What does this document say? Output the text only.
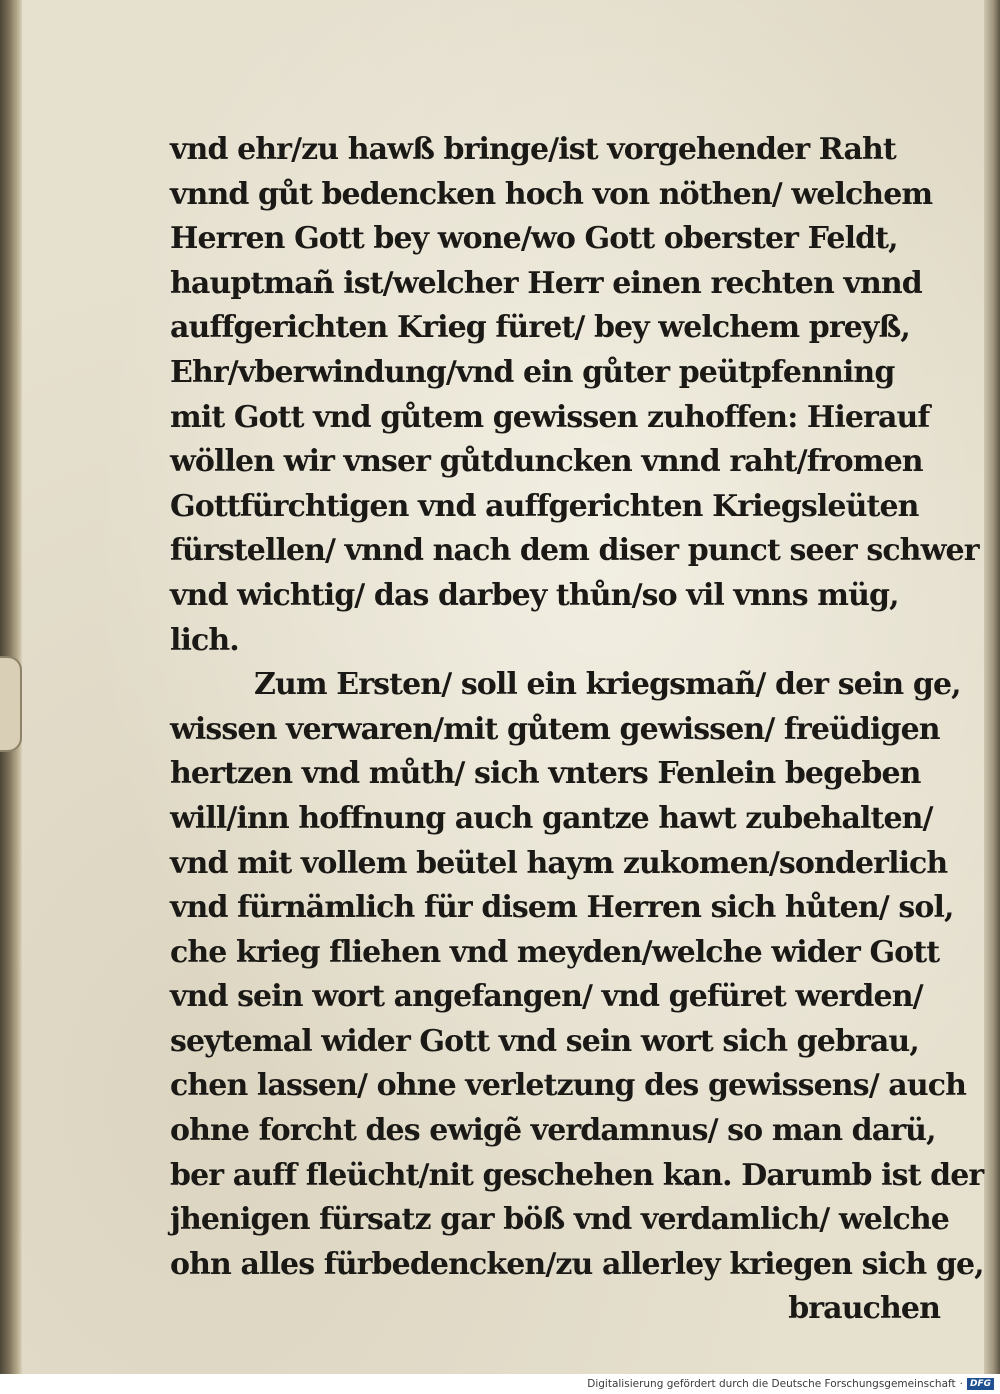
vnd ehr/zu hawß bringe/ist vorgehender Raht
vnnd gůt bedencken hoch von nöthen/ welchem
Herren Gott bey wone/wo Gott oberster Feldt,
hauptmañ ist/welcher Herr einen rechten vnnd
auffgerichten Krieg füret/ bey welchem preyß,
Ehr/vberwindung/vnd ein gůter peütpfenning
mit Gott vnd gůtem gewissen zuhoffen: Hierauf
wöllen wir vnser gůtduncken vnnd raht/fromen
Gottfürchtigen vnd auffgerichten Kriegsleüten
fürstellen/ vnnd nach dem diser punct seer schwer
vnd wichtig/ das darbey thůn/so vil vnns müg,
lich.
Zum Ersten/ soll ein kriegsmañ/ der sein ge,
wissen verwaren/mit gůtem gewissen/ freüdigen
hertzen vnd můth/ sich vnters Fenlein begeben
will/inn hoffnung auch gantze hawt zubehalten/
vnd mit vollem beütel haym zukomen/sonderlich
vnd fürnämlich für disem Herren sich hůten/ sol,
che krieg fliehen vnd meyden/welche wider Gott
vnd sein wort angefangen/ vnd gefüret werden/
seytemal wider Gott vnd sein wort sich gebrau,
chen lassen/ ohne verletzung des gewissens/ auch
ohne forcht des ewigẽ verdamnus/ so man darü,
ber auff fleücht/nit geschehen kan. Darumb ist der
jhenigen fürsatz gar böß vnd verdamlich/ welche
ohn alles fürbedencken/zu allerley kriegen sich ge,
brauchen
Digitalisierung gefördert durch die Deutsche Forschungsgemeinschaft · DFG
